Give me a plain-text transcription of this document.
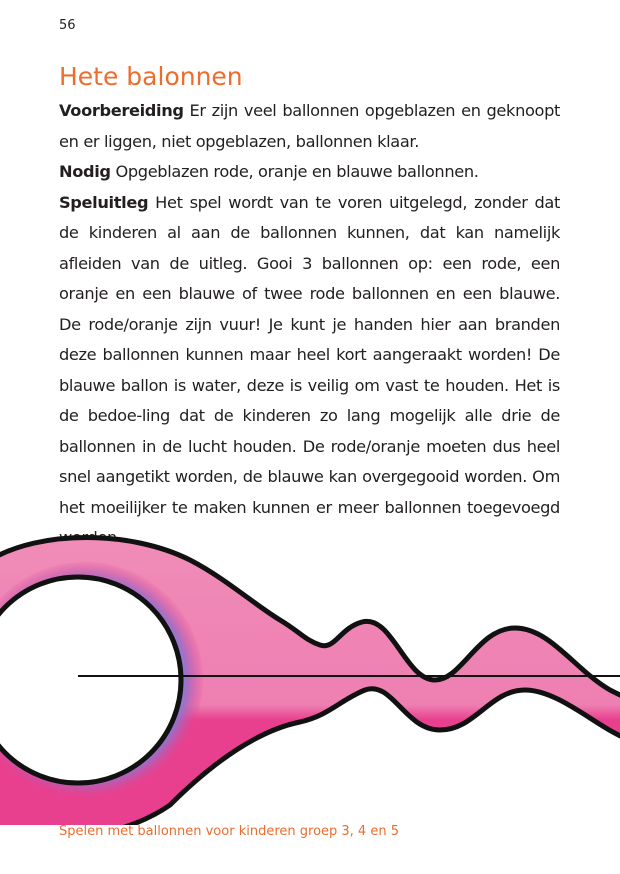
56
Hete balonnen

Voorbereiding Er zijn veel ballonnen opgeblazen en geknoopt en er liggen, niet opgeblazen, ballonnen klaar.

Nodig Opgeblazen rode, oranje en blauwe ballonnen.

Speluitleg Het spel wordt van te voren uitgelegd, zonder dat de kinderen al aan de ballonnen kunnen, dat kan namelijk afleiden van de uitleg. Gooi 3 ballonnen op: een rode, een oranje en een blauwe of twee rode ballonnen en een blauwe. De rode/oranje zijn vuur! Je kunt je handen hier aan branden deze ballonnen kunnen maar heel kort aangeraakt worden! De blauwe ballon is water, deze is veilig om vast te houden. Het is de bedoe-ling dat de kinderen zo lang mogelijk alle drie de ballonnen in de lucht houden. De rode/oranje moeten dus heel snel aangetikt worden, de blauwe kan overgegooid worden. Om het moeilijker te maken kunnen er meer ballonnen toegevoegd

Spelen met ballonnen voor kinderen groep 3, 4 en 5
